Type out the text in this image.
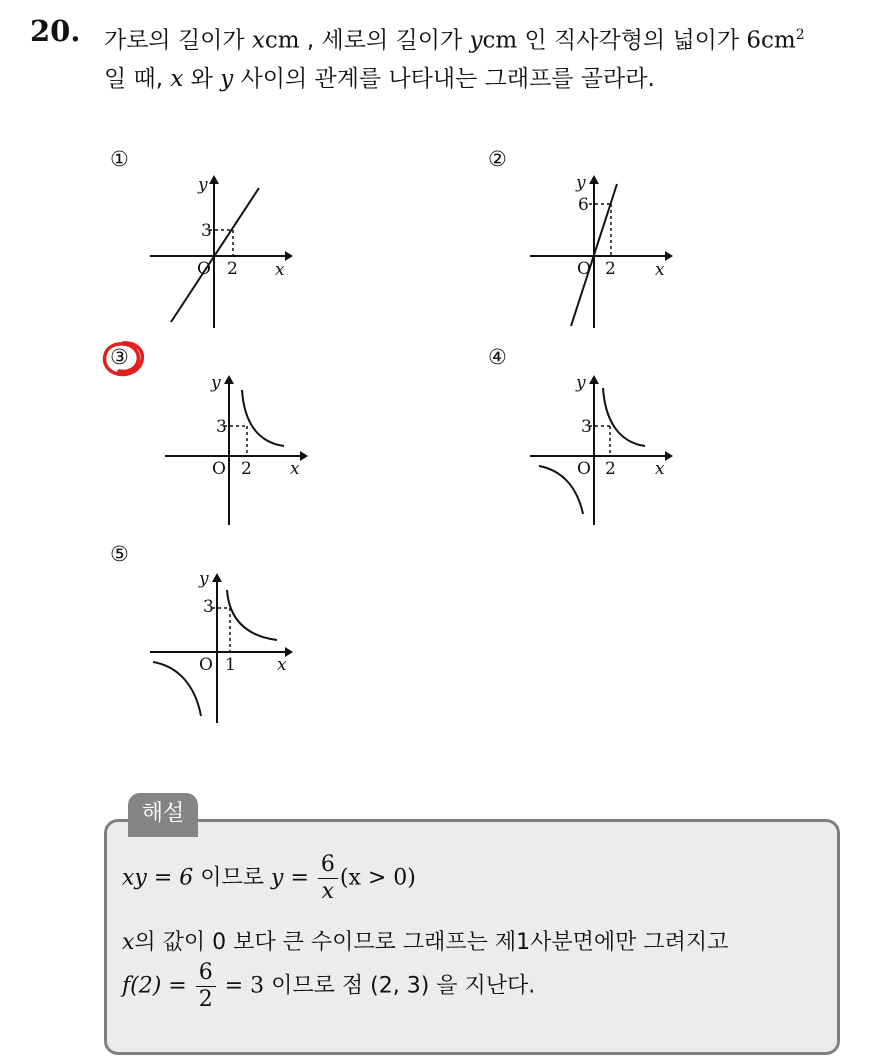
20. 가로의 길이가 xcm , 세로의 길이가 ycm 인 직사각형의 넓이가 $6cm^2$
일 때, x 와 y 사이의 관계를 나타내는 그래프를 골라라.
①	②
③	④
⑤
y
x
O
3
2
y
x
O
6
2
y
x
O
3
2
y
x
O
3
2
y
x
O
3
1
해설
xy = 6 이므로 $y = \frac{6}{x} (x > 0)$
x의 값이 0 보다 큰 수이므로 그래프는 제1사분면에만 그려지고
$f(2) = \frac{6}{2} = 3$ 이므로 점 (2, 3) 을 지난다.
